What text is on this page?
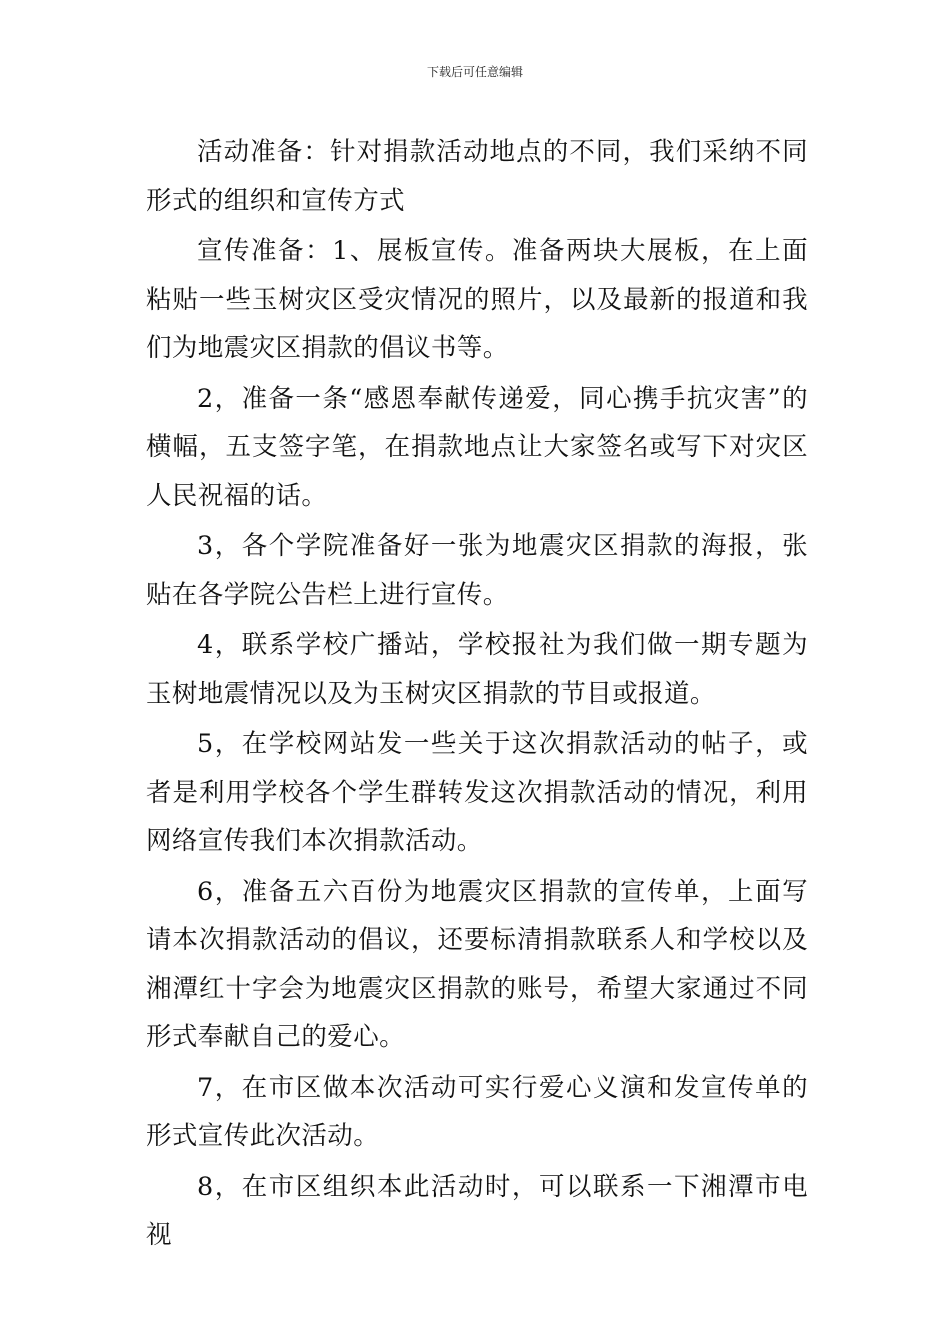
下载后可任意编辑

活动准备：针对捐款活动地点的不同，我们采纳不同形式的组织和宣传方式

宣传准备：1、展板宣传。准备两块大展板，在上面粘贴一些玉树灾区受灾情况的照片，以及最新的报道和我们为地震灾区捐款的倡议书等。

2，准备一条“感恩奉献传递爱，同心携手抗灾害”的横幅，五支签字笔，在捐款地点让大家签名或写下对灾区人民祝福的话。

3，各个学院准备好一张为地震灾区捐款的海报，张贴在各学院公告栏上进行宣传。

4，联系学校广播站，学校报社为我们做一期专题为玉树地震情况以及为玉树灾区捐款的节目或报道。

5，在学校网站发一些关于这次捐款活动的帖子，或者是利用学校各个学生群转发这次捐款活动的情况，利用网络宣传我们本次捐款活动。

6，准备五六百份为地震灾区捐款的宣传单，上面写请本次捐款活动的倡议，还要标清捐款联系人和学校以及湘潭红十字会为地震灾区捐款的账号，希望大家通过不同形式奉献自己的爱心。

7，在市区做本次活动可实行爱心义演和发宣传单的形式宣传此次活动。

8，在市区组织本此活动时，可以联系一下湘潭市电视
